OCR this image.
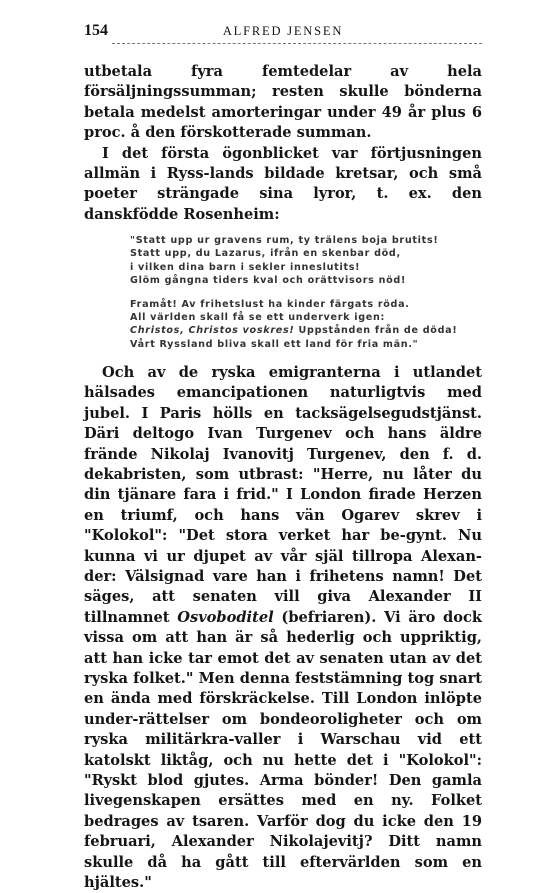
154	ALFRED JENSEN

utbetala fyra femtedelar av hela försäljningssumman; resten skulle bönderna betala medelst amorteringar under 49 år plus 6 proc. å den förskotterade summan.

I det första ögonblicket var förtjusningen allmän i Ryss-lands bildade kretsar, och små poeter strängade sina lyror, t. ex. den danskfödde Rosenheim:

"Statt upp ur gravens rum, ty trälens boja brutits!
Statt upp, du Lazarus, ifrån en skenbar död,
i vilken dina barn i sekler inneslutits!
Glöm gångna tiders kval och orättvisors nöd!
Framåt! Av frihetslust ha kinder färgats röda.
All världen skall få se ett underverk igen:
Christos, Christos voskres! Uppstånden från de döda!
Vårt Ryssland bliva skall ett land för fria män."

Och av de ryska emigranterna i utlandet hälsades emancipationen naturligtvis med jubel. I Paris hölls en tacksägelsegudstjänst. Däri deltogo Ivan Turgenev och hans äldre frände Nikolaj Ivanovitj Turgenev, den f. d. dekabristen, som utbrast: "Herre, nu låter du din tjänare fara i frid." I London firade Herzen en triumf, och hans vän Ogarev skrev i "Kolokol": "Det stora verket har be-gynt. Nu kunna vi ur djupet av vår själ tillropa Alexan-der: Välsignad vare han i frihetens namn! Det säges, att senaten vill giva Alexander II tillnamnet Osvoboditel (befriaren). Vi äro dock vissa om att han är så hederlig och uppriktig, att han icke tar emot det av senaten utan av det ryska folket." Men denna feststämning tog snart en ända med förskräckelse. Till London inlöpte under-rättelser om bondeoroligheter och om ryska militärkra-valler i Warschau vid ett katolskt liktåg, och nu hette det i "Kolokol": "Ryskt blod gjutes. Arma bönder! Den gamla livegenskapen ersättes med en ny. Folket bedrages av tsaren. Varför dog du icke den 19 februari, Alexander Nikolajevitj? Ditt namn skulle då ha gått till eftervärlden som en hjältes."
